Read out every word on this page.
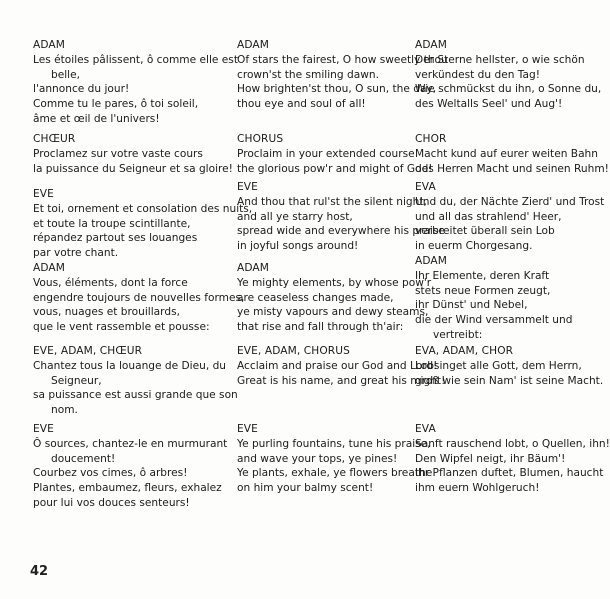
ADAM
Les étoiles pâlissent, ô comme elle est
belle,
l'annonce du jour!
Comme tu le pares, ô toi soleil,
âme et œil de l'univers!
CHŒUR
Proclamez sur votre vaste cours
la puissance du Seigneur et sa gloire!
EVE
Et toi, ornement et consolation des nuits,
et toute la troupe scintillante,
répandez partout ses louanges
par votre chant.
ADAM
Vous, éléments, dont la force
engendre toujours de nouvelles formes,
vous, nuages et brouillards,
que le vent rassemble et pousse:
EVE, ADAM, CHŒUR
Chantez tous la louange de Dieu, du
Seigneur,
sa puissance est aussi grande que son
nom.
EVE
Ô sources, chantez-le en murmurant
doucement!
Courbez vos cimes, ô arbres!
Plantes, embaumez, fleurs, exhalez
pour lui vos douces senteurs!
ADAM
Of stars the fairest, O how sweetly thou
crown'st the smiling dawn.
How brighten'st thou, O sun, the day,
thou eye and soul of all!
CHORUS
Proclaim in your extended course
the glorious pow'r and might of God!
EVE
And thou that rul'st the silent night,
and all ye starry host,
spread wide and everywhere his praise
in joyful songs around!
ADAM
Ye mighty elements, by whose pow'r
are ceaseless changes made,
ye misty vapours and dewy steams,
that rise and fall through th'air:
EVE, ADAM, CHORUS
Acclaim and praise our God and Lord!
Great is his name, and great his might!
EVE
Ye purling fountains, tune his praise,
and wave your tops, ye pines!
Ye plants, exhale, ye flowers breathe
on him your balmy scent!
ADAM
Der Sterne hellster, o wie schön
verkündest du den Tag!
Wie schmückst du ihn, o Sonne du,
des Weltalls Seel' und Aug'!
CHOR
Macht kund auf eurer weiten Bahn
des Herren Macht und seinen Ruhm!
EVA
Und du, der Nächte Zierd' und Trost
und all das strahlend' Heer,
verbreitet überall sein Lob
in euerm Chorgesang.
ADAM
Ihr Elemente, deren Kraft
stets neue Formen zeugt,
ihr Dünst' und Nebel,
die der Wind versammelt und
vertreibt:
EVA, ADAM, CHOR
Lobsinget alle Gott, dem Herrn,
groß wie sein Nam' ist seine Macht.
EVA
Sanft rauschend lobt, o Quellen, ihn!
Den Wipfel neigt, ihr Bäum'!
Ihr Pflanzen duftet, Blumen, haucht
ihm euern Wohlgeruch!
42
